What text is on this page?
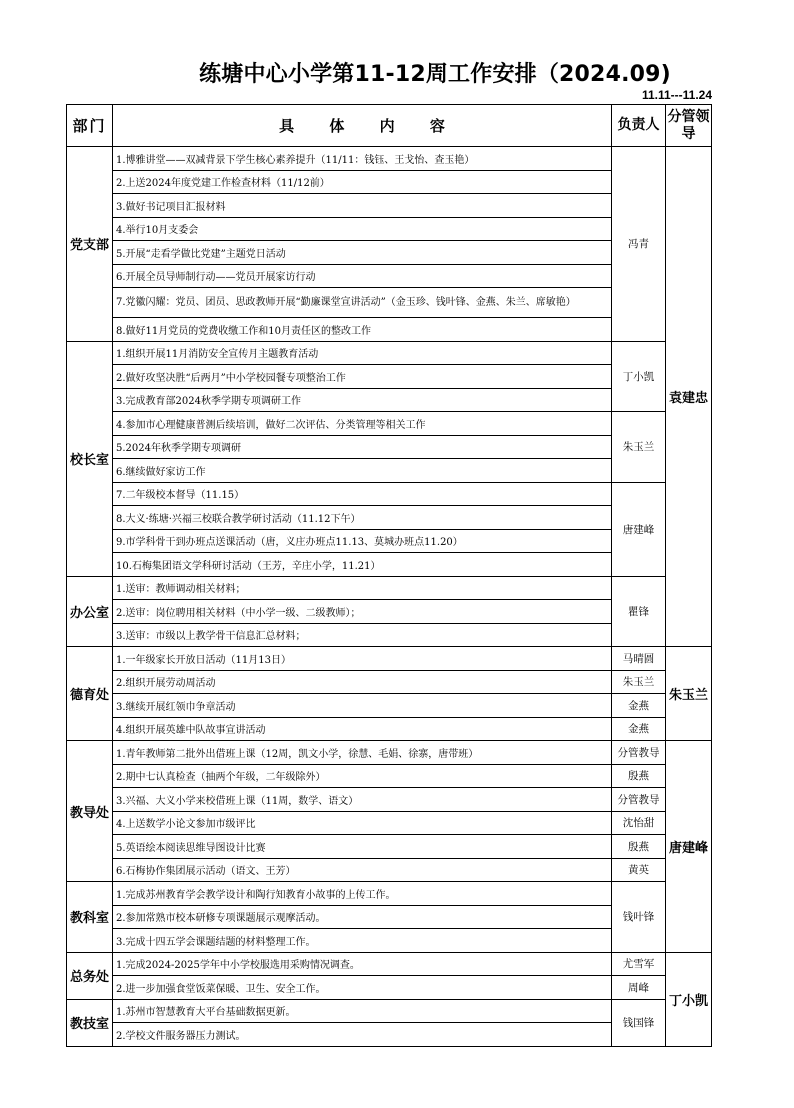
练塘中心小学第11-12周工作安排（2024.09)
11.11---11.24
部门	具 体 内 容	负责人	分管领导
党支部	1.博雅讲堂——双减背景下学生核心素养提升（11/11：钱钰、王戈怡、查玉艳）	冯青	袁建忠
	2.上送2024年度党建工作检查材料（11/12前）		
	3.做好书记项目汇报材料		
	4.举行10月支委会		
	5.开展“走看学做比党建”主题党日活动		
	6.开展全员导师制行动——党员开展家访行动		
	7.党徽闪耀：党员、团员、思政教师开展“勤廉课堂宣讲活动”（金玉珍、钱叶锋、金燕、朱兰、席敏艳）		
	8.做好11月党员的党费收缴工作和10月责任区的整改工作		
校长室	1.组织开展11月消防安全宣传月主题教育活动	丁小凯	
	2.做好攻坚决胜“后两月”中小学校园餐专项整治工作		
	3.完成教育部2024秋季学期专项调研工作		
	4.参加市心理健康普测后续培训，做好二次评估、分类管理等相关工作	朱玉兰	
	5.2024年秋季学期专项调研		
	6.继续做好家访工作		
	7.二年级校本督导（11.15）	唐建峰	
	8.大义·练塘·兴福三校联合教学研讨活动（11.12下午）		
	9.市学科骨干到办班点送课活动（唐，义庄办班点11.13、莫城办班点11.20）		
	10.石梅集团语文学科研讨活动（王芳，辛庄小学，11.21）		
办公室	1.送审：教师调动相关材料；	瞿锋	
	2.送审：岗位聘用相关材料（中小学一级、二级教师）；		
	3.送审：市级以上教学骨干信息汇总材料；		
德育处	1.一年级家长开放日活动（11月13日）	马晴圆	朱玉兰
	2.组织开展劳动周活动	朱玉兰	
	3.继续开展红领巾争章活动	金燕	
	4.组织开展英雄中队故事宣讲活动	金燕	
教导处	1.青年教师第二批外出借班上课（12周，凯文小学，徐慧、毛娟、徐寨，唐带班）	分管教导	唐建峰
	2.期中七认真检查（抽两个年级，二年级除外）	殷燕	
	3.兴福、大义小学来校借班上课（11周，数学、语文）	分管教导	
	4.上送数学小论文参加市级评比	沈怡甜	
	5.英语绘本阅读思维导图设计比赛	殷燕	
	6.石梅协作集团展示活动（语文、王芳）	黄英	
教科室	1.完成苏州教育学会教学设计和陶行知教育小故事的上传工作。	钱叶锋	
	2.参加常熟市校本研修专项课题展示观摩活动。		
	3.完成十四五学会课题结题的材料整理工作。		
总务处	1.完成2024-2025学年中小学校服选用采购情况调查。	尤雪军	丁小凯
	2.进一步加强食堂饭菜保暖、卫生、安全工作。	周峰	
教技室	1.苏州市智慧教育大平台基础数据更新。	钱国锋	
	2.学校文件服务器压力测试。		
